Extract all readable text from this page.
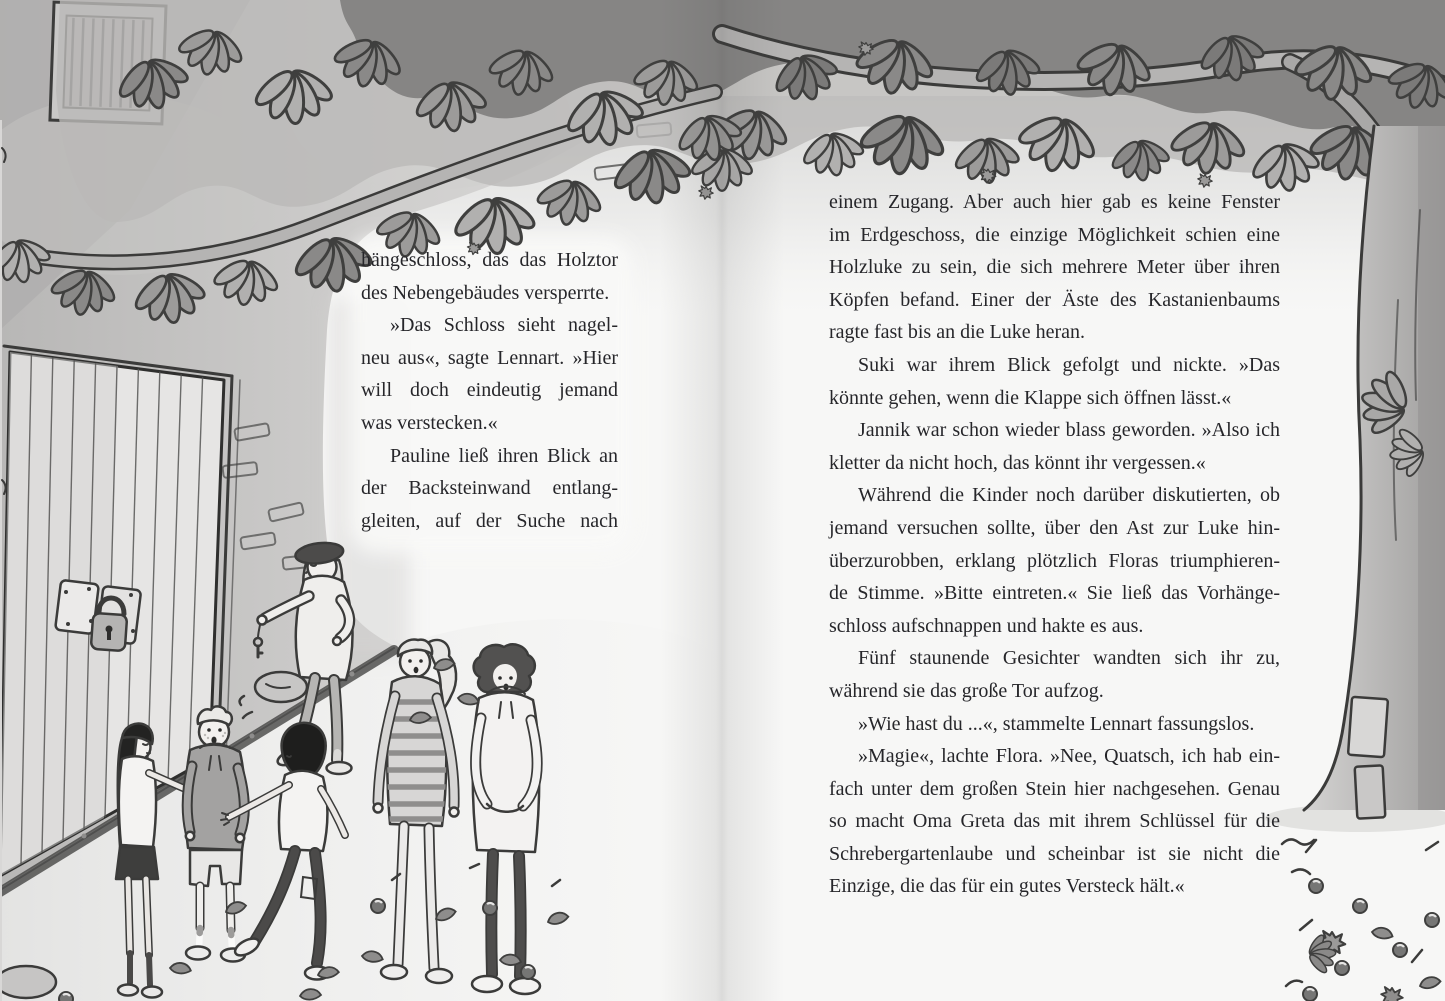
hängeschloss, das das Holztor
des Nebengebäudes versperrte.
»Das Schloss sieht nagel-
neu aus«, sagte Lennart. »Hier
will doch eindeutig jemand
was verstecken.«
Pauline ließ ihren Blick an
der Backsteinwand entlang-
gleiten, auf der Suche nach
einem Zugang. Aber auch hier gab es keine Fenster
im Erdgeschoss, die einzige Möglichkeit schien eine
Holzluke zu sein, die sich mehrere Meter über ihren
Köpfen befand. Einer der Äste des Kastanienbaums
ragte fast bis an die Luke heran.
Suki war ihrem Blick gefolgt und nickte. »Das
könnte gehen, wenn die Klappe sich öffnen lässt.«
Jannik war schon wieder blass geworden. »Also ich
kletter da nicht hoch, das könnt ihr vergessen.«
Während die Kinder noch darüber diskutierten, ob
jemand versuchen sollte, über den Ast zur Luke hin-
überzurobben, erklang plötzlich Floras triumphieren-
de Stimme. »Bitte eintreten.« Sie ließ das Vorhänge-
schloss aufschnappen und hakte es aus.
Fünf staunende Gesichter wandten sich ihr zu,
während sie das große Tor aufzog.
»Wie hast du ...«, stammelte Lennart fassungslos.
»Magie«, lachte Flora. »Nee, Quatsch, ich hab ein-
fach unter dem großen Stein hier nachgesehen. Genau
so macht Oma Greta das mit ihrem Schlüssel für die
Schrebergartenlaube und scheinbar ist sie nicht die
Einzige, die das für ein gutes Versteck hält.«
